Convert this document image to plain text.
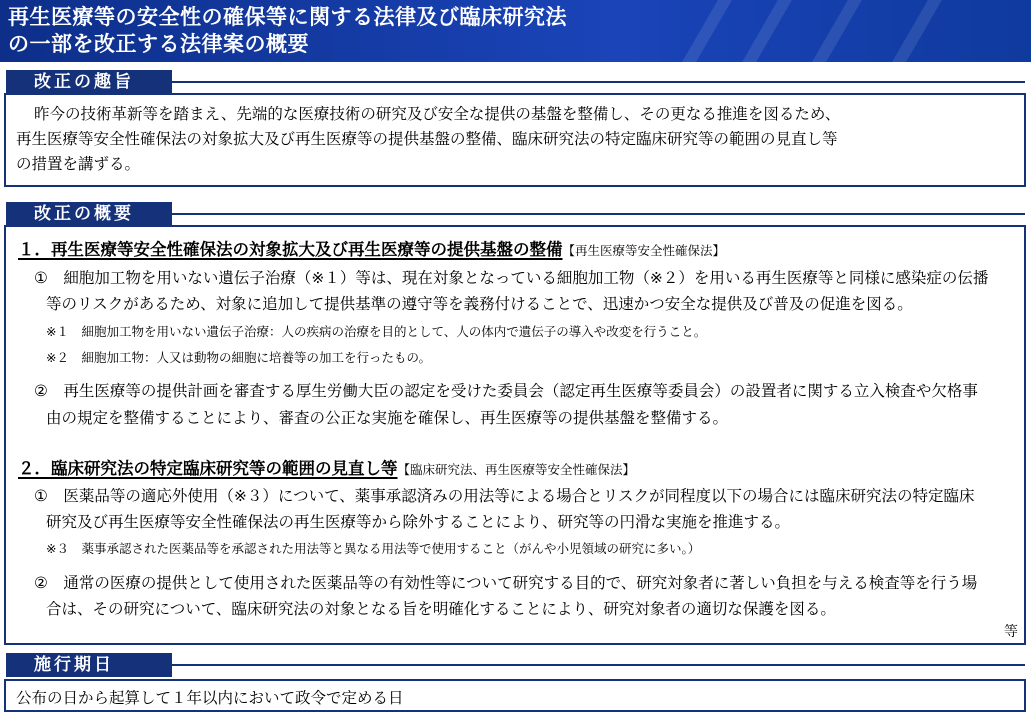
再生医療等の安全性の確保等に関する法律及び臨床研究法
の一部を改正する法律案の概要
改正の趣旨
昨今の技術革新等を踏まえ、先端的な医療技術の研究及び安全な提供の基盤を整備し、その更なる推進を図るため、
再生医療等安全性確保法の対象拡大及び再生医療等の提供基盤の整備、臨床研究法の特定臨床研究等の範囲の見直し等
の措置を講ずる。
改正の概要
１．再生医療等安全性確保法の対象拡大及び再生医療等の提供基盤の整備【再生医療等安全性確保法】
①　細胞加工物を用いない遺伝子治療（※１）等は、現在対象となっている細胞加工物（※２）を用いる再生医療等と同様に感染症の伝播
等のリスクがあるため、対象に追加して提供基準の遵守等を義務付けることで、迅速かつ安全な提供及び普及の促進を図る。
※１　細胞加工物を用いない遺伝子治療：人の疾病の治療を目的として、人の体内で遺伝子の導入や改変を行うこと。
※２　細胞加工物：人又は動物の細胞に培養等の加工を行ったもの。
②　再生医療等の提供計画を審査する厚生労働大臣の認定を受けた委員会（認定再生医療等委員会）の設置者に関する立入検査や欠格事
由の規定を整備することにより、審査の公正な実施を確保し、再生医療等の提供基盤を整備する。
２．臨床研究法の特定臨床研究等の範囲の見直し等【臨床研究法、再生医療等安全性確保法】
①　医薬品等の適応外使用（※３）について、薬事承認済みの用法等による場合とリスクが同程度以下の場合には臨床研究法の特定臨床
研究及び再生医療等安全性確保法の再生医療等から除外することにより、研究等の円滑な実施を推進する。
※３　薬事承認された医薬品等を承認された用法等と異なる用法等で使用すること（がんや小児領域の研究に多い。）
②　通常の医療の提供として使用された医薬品等の有効性等について研究する目的で、研究対象者に著しい負担を与える検査等を行う場
合は、その研究について、臨床研究法の対象となる旨を明確化することにより、研究対象者の適切な保護を図る。
等
施行期日
公布の日から起算して１年以内において政令で定める日
